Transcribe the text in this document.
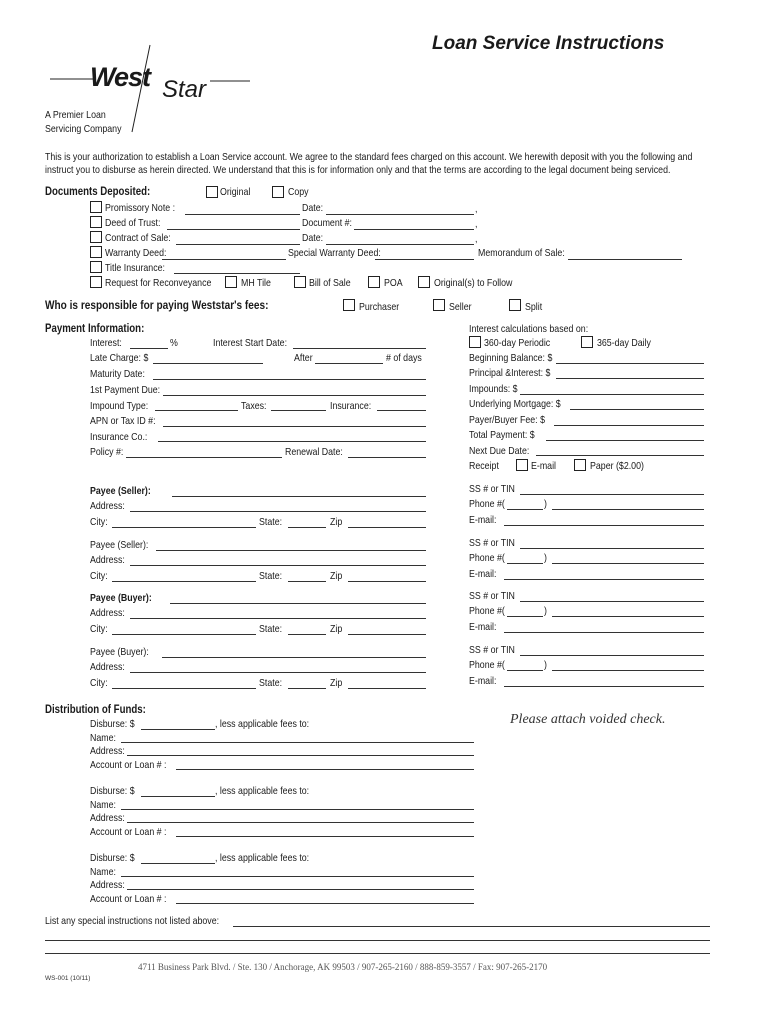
Loan Service Instructions
West Star
A Premier Loan
Servicing Company
This is your authorization to establish a Loan Service account. We agree to the standard fees charged on this account. We herewith deposit with you the following and
instruct you to disburse as herein directed. We understand that this is for information only and that the terms are according to the legal document being serviced.
Documents Deposited:	Original	Copy
Promissory Note :	Date:	,
Deed of Trust:	Document #:	,
Contract of Sale:	Date:	,
Warranty Deed:	Special Warranty Deed:	Memorandum of Sale:
Title Insurance:
Request for Reconveyance	MH Tile	Bill of Sale	POA	Original(s) to Follow
Who is responsible for paying Weststar's fees:	Purchaser	Seller	Split
Payment Information:
Interest:	%	Interest Start Date:
Late Charge: $	After	# of days
Maturity Date:
1st Payment Due:
Impound Type:	Taxes:	Insurance:
APN or Tax ID #:
Insurance Co.:
Policy #:	Renewal Date:
Interest calculations based on:
360-day Periodic	365-day Daily
Beginning Balance: $
Principal &Interest: $
Impounds: $
Underlying Mortgage: $
Payer/Buyer Fee: $
Total Payment: $
Next Due Date:
Receipt	E-mail	Paper ($2.00)
Payee (Seller):
Address:
City:	State:	Zip
SS # or TIN
Phone #(	)
E-mail:
Payee (Seller):
Address:
City:	State:	Zip
SS # or TIN
Phone #(	)
E-mail:
Payee (Buyer):
Address:
City:	State:	Zip
SS # or TIN
Phone #(	)
E-mail:
Payee (Buyer):
Address:
City:	State:	Zip
SS # or TIN
Phone #(	)
E-mail:
Distribution of Funds:
Please attach voided check.
Disburse: $	, less applicable fees to:
Name:
Address:
Account or Loan # :
Disburse: $	, less applicable fees to:
Name:
Address:
Account or Loan # :
Disburse: $	, less applicable fees to:
Name:
Address:
Account or Loan # :
List any special instructions not listed above:
4711 Business Park Blvd. / Ste. 130 / Anchorage, AK 99503 / 907-265-2160 / 888-859-3557 / Fax: 907-265-2170
WS-001 (10/11)
